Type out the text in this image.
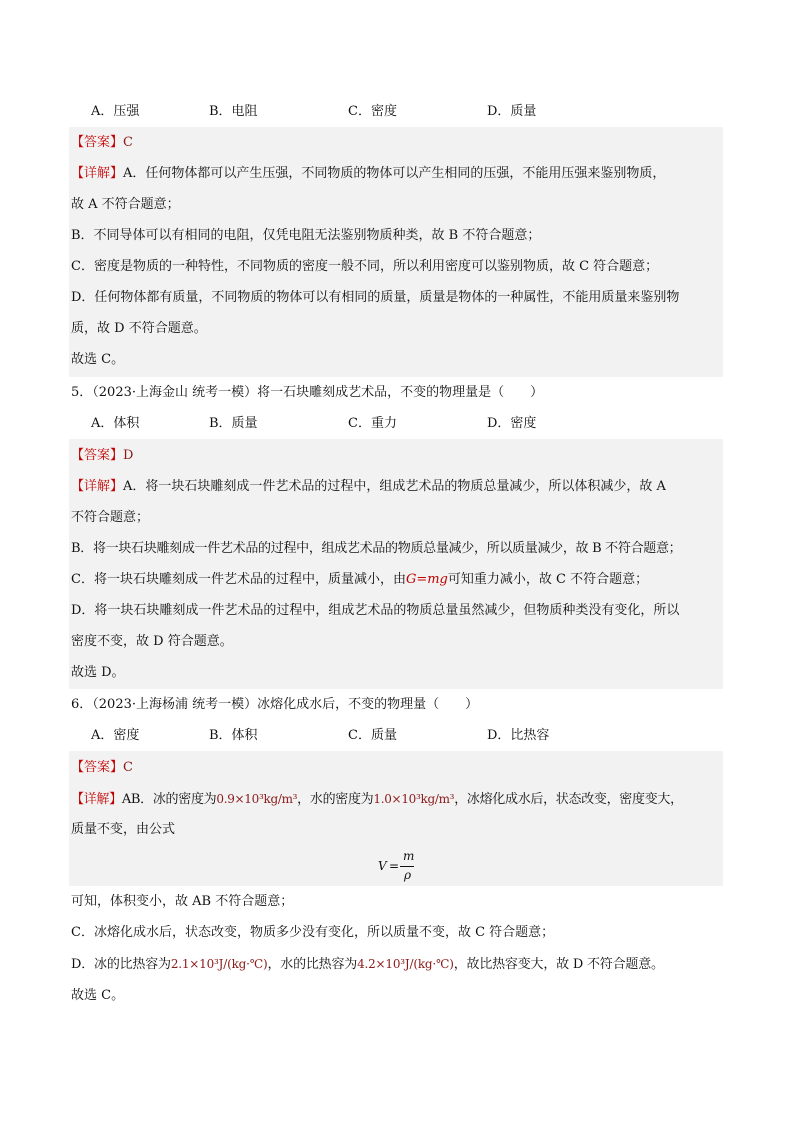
A．压强	B．电阻	C．密度	D．质量
【答案】C
【详解】A．任何物体都可以产生压强，不同物质的物体可以产生相同的压强，不能用压强来鉴别物质，
故 A 不符合题意；
B．不同导体可以有相同的电阻，仅凭电阻无法鉴别物质种类，故 B 不符合题意；
C．密度是物质的一种特性，不同物质的密度一般不同，所以利用密度可以鉴别物质，故 C 符合题意；
D．任何物体都有质量，不同物质的物体可以有相同的质量，质量是物体的一种属性，不能用质量来鉴别物
质，故 D 不符合题意。
故选 C。
5．（2023·上海金山 统考一模）将一石块雕刻成艺术品，不变的物理量是（　　）
A．体积	B．质量	C．重力	D．密度
【答案】D
【详解】A．将一块石块雕刻成一件艺术品的过程中，组成艺术品的物质总量减少，所以体积减少，故 A
不符合题意；
B．将一块石块雕刻成一件艺术品的过程中，组成艺术品的物质总量减少，所以质量减少，故 B 不符合题意；
C．将一块石块雕刻成一件艺术品的过程中，质量减小，由G=mg可知重力减小，故 C 不符合题意；
D．将一块石块雕刻成一件艺术品的过程中，组成艺术品的物质总量虽然减少，但物质种类没有变化，所以
密度不变，故 D 符合题意。
故选 D。
6．（2023·上海杨浦 统考一模）冰熔化成水后，不变的物理量（　　）
A．密度	B．体积	C．质量	D．比热容
【答案】C
【详解】AB．冰的密度为0.9×10³kg/m³，水的密度为1.0×10³kg/m³，冰熔化成水后，状态改变，密度变大，
质量不变，由公式
V =
m
ρ
可知，体积变小，故 AB 不符合题意；
C．冰熔化成水后，状态改变，物质多少没有变化，所以质量不变，故 C 符合题意；
D．冰的比热容为2.1×10³J/(kg·℃)，水的比热容为4.2×10³J/(kg·℃)，故比热容变大，故 D 不符合题意。
故选 C。
